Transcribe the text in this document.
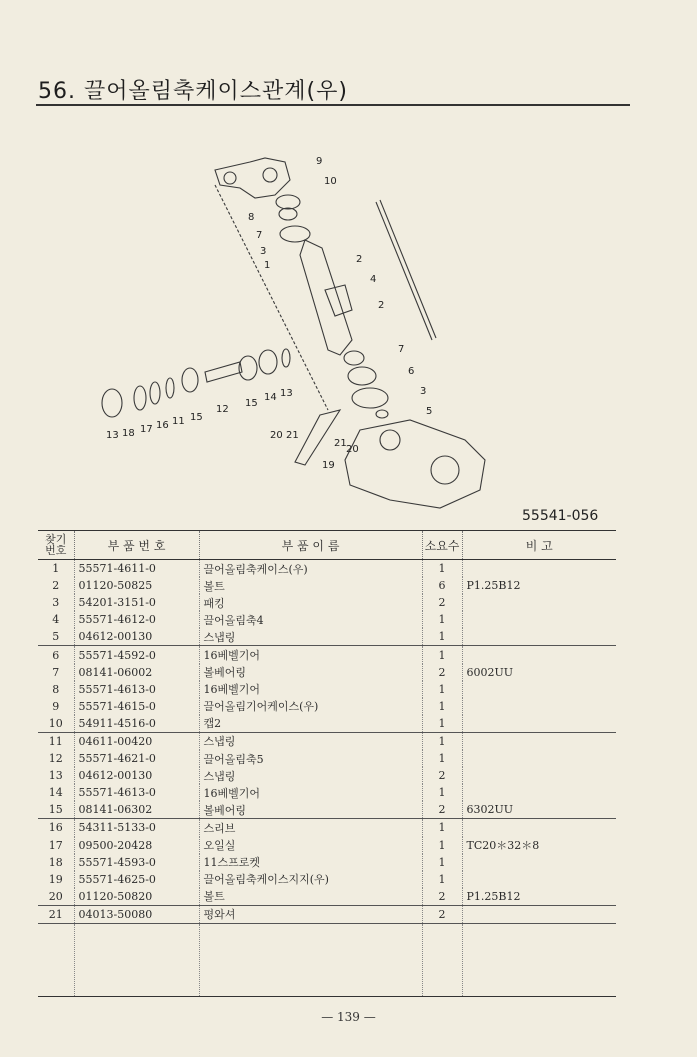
56. 끌어올림축케이스관계(우)
9
10
8
7
3
1
2
4
2
7
6
3
5
13 18 17 16 11 15
12
15
14 13
20 21
21
20
19
55541-056
찾기
번호	부 품 번 호	부 품 이 름	소요수	비 고
1	55571-4611-0	끌어올림축케이스(우)	1	
2	01120-50825	볼트	6	P1.25B12
3	54201-3151-0	패킹	2	
4	55571-4612-0	끌어올림축4	1	
5	04612-00130	스냅링	1	
6	55571-4592-0	16베벨기어	1	
7	08141-06002	볼베어링	2	6002UU
8	55571-4613-0	16베벨기어	1	
9	55571-4615-0	끌어올림기어케이스(우)	1	
10	54911-4516-0	캡2	1	
11	04611-00420	스냅링	1	
12	55571-4621-0	끌어올림축5	1	
13	04612-00130	스냅링	2	
14	55571-4613-0	16베벨기어	1	
15	08141-06302	볼베어링	2	6302UU
16	54311-5133-0	스리브	1	
17	09500-20428	오일실	1	TC20＊32＊8
18	55571-4593-0	11스프로켓	1	
19	55571-4625-0	끌어올림축케이스지지(우)	1	
20	01120-50820	볼트	2	P1.25B12
21	04013-50080	평와셔	2	

— 139 —
